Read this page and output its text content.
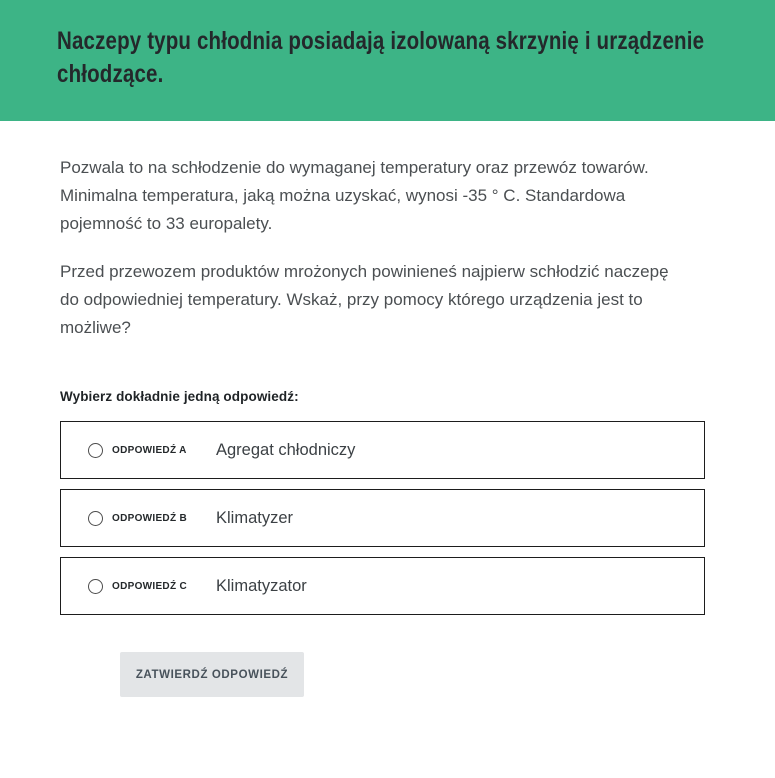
Naczepy typu chłodnia posiadają izolowaną skrzynię i urządzenie
chłodzące.

Pozwala to na schłodzenie do wymaganej temperatury oraz przewóz towarów. Minimalna temperatura, jaką można uzyskać, wynosi -35 ° C. Standardowa pojemność to 33 europalety.

Przed przewozem produktów mrożonych powinieneś najpierw schłodzić naczepę do odpowiedniej temperatury. Wskaż, przy pomocy którego urządzenia jest to możliwe?

Wybierz dokładnie jedną odpowiedź:
ODPOWIEDŹ A	Agregat chłodniczy
ODPOWIEDŹ B	Klimatyzer
ODPOWIEDŹ C	Klimatyzator
ZATWIERDŹ ODPOWIEDŹ
